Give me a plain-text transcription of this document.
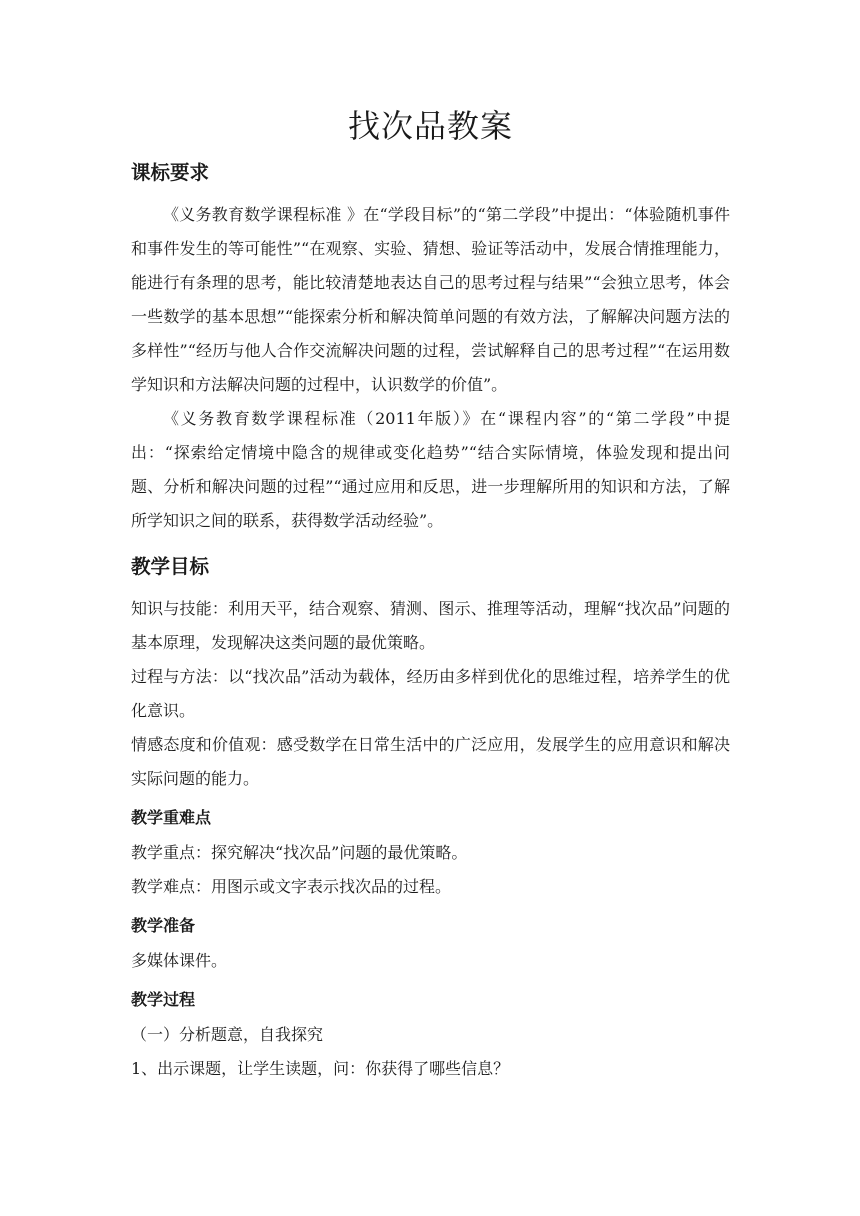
找次品教案
课标要求

《义务教育数学课程标准 》在“学段目标”的“第二学段”中提出：“体验随机事件和事件发生的等可能性”“在观察、实验、猜想、验证等活动中，发展合情推理能力，能进行有条理的思考，能比较清楚地表达自己的思考过程与结果”“会独立思考，体会一些数学的基本思想”“能探索分析和解决简单问题的有效方法，了解解决问题方法的多样性”“经历与他人合作交流解决问题的过程，尝试解释自己的思考过程”“在运用数学知识和方法解决问题的过程中，认识数学的价值”。

《义务教育数学课程标准（2011年版）》在“课程内容”的“第二学段”中提出：“探索给定情境中隐含的规律或变化趋势”“结合实际情境，体验发现和提出问题、分析和解决问题的过程”“通过应用和反思，进一步理解所用的知识和方法，了解所学知识之间的联系，获得数学活动经验”。

教学目标

知识与技能：利用天平，结合观察、猜测、图示、推理等活动，理解“找次品”问题的基本原理，发现解决这类问题的最优策略。

过程与方法：以“找次品”活动为载体，经历由多样到优化的思维过程，培养学生的优化意识。

情感态度和价值观：感受数学在日常生活中的广泛应用，发展学生的应用意识和解决实际问题的能力。

教学重难点

教学重点：探究解决“找次品”问题的最优策略。

教学难点：用图示或文字表示找次品的过程。

教学准备

多媒体课件。

教学过程

（一）分析题意，自我探究

1、出示课题，让学生读题，问：你获得了哪些信息？
